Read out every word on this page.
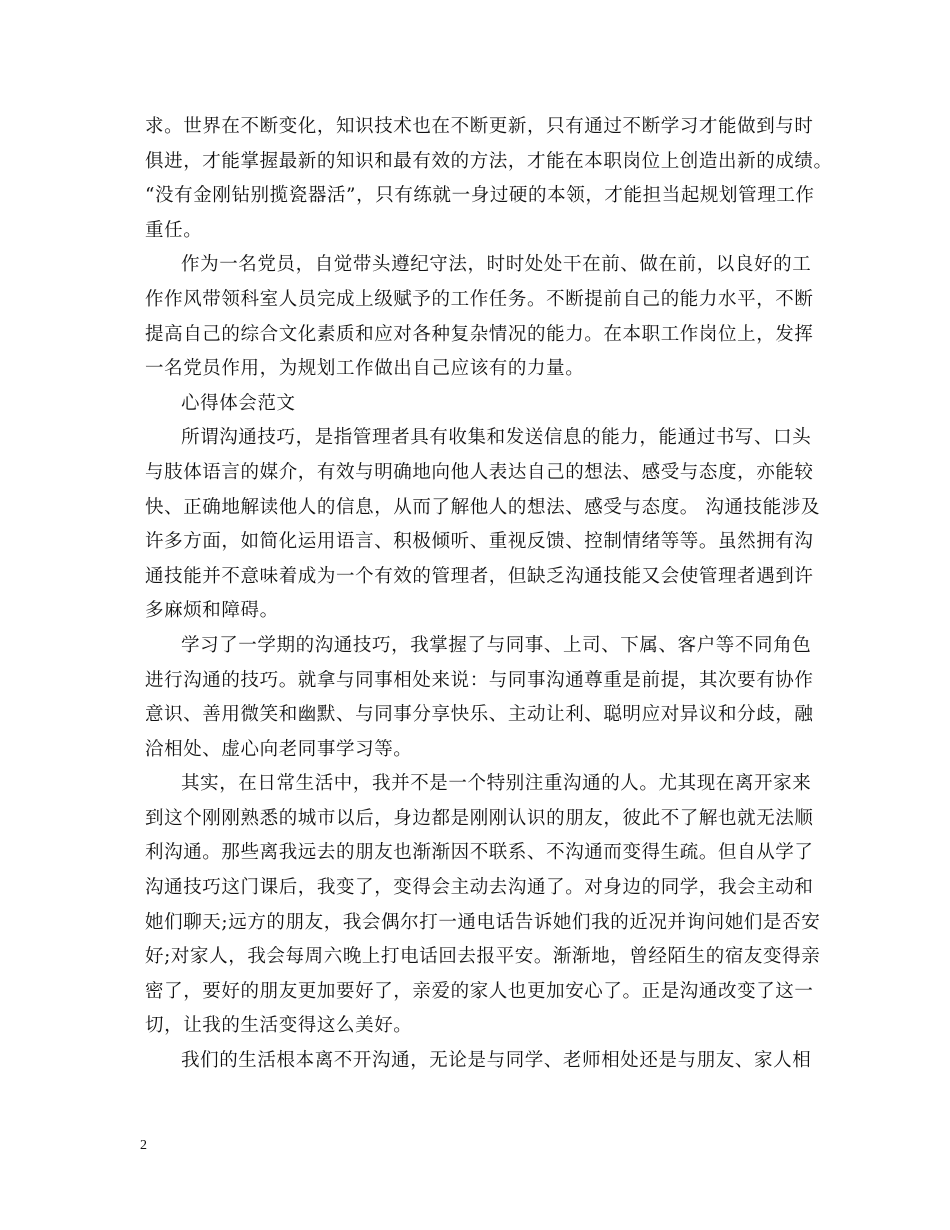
求。世界在不断变化，知识技术也在不断更新，只有通过不断学习才能做到与时
俱进，才能掌握最新的知识和最有效的方法，才能在本职岗位上创造出新的成绩。
“没有金刚钻别揽瓷器活”，只有练就一身过硬的本领，才能担当起规划管理工作
重任。
作为一名党员，自觉带头遵纪守法，时时处处干在前、做在前，以良好的工
作作风带领科室人员完成上级赋予的工作任务。不断提前自己的能力水平，不断
提高自己的综合文化素质和应对各种复杂情况的能力。在本职工作岗位上，发挥
一名党员作用，为规划工作做出自己应该有的力量。
心得体会范文
所谓沟通技巧，是指管理者具有收集和发送信息的能力，能通过书写、口头
与肢体语言的媒介，有效与明确地向他人表达自己的想法、感受与态度，亦能较
快、正确地解读他人的信息，从而了解他人的想法、感受与态度。 沟通技能涉及
许多方面，如简化运用语言、积极倾听、重视反馈、控制情绪等等。虽然拥有沟
通技能并不意味着成为一个有效的管理者，但缺乏沟通技能又会使管理者遇到许
多麻烦和障碍。
学习了一学期的沟通技巧，我掌握了与同事、上司、下属、客户等不同角色
进行沟通的技巧。就拿与同事相处来说：与同事沟通尊重是前提，其次要有协作
意识、善用微笑和幽默、与同事分享快乐、主动让利、聪明应对异议和分歧，融
洽相处、虚心向老同事学习等。
其实，在日常生活中，我并不是一个特别注重沟通的人。尤其现在离开家来
到这个刚刚熟悉的城市以后，身边都是刚刚认识的朋友，彼此不了解也就无法顺
利沟通。那些离我远去的朋友也渐渐因不联系、不沟通而变得生疏。但自从学了
沟通技巧这门课后，我变了，变得会主动去沟通了。对身边的同学，我会主动和
她们聊天;远方的朋友，我会偶尔打一通电话告诉她们我的近况并询问她们是否安
好;对家人，我会每周六晚上打电话回去报平安。渐渐地，曾经陌生的宿友变得亲
密了，要好的朋友更加要好了，亲爱的家人也更加安心了。正是沟通改变了这一
切，让我的生活变得这么美好。
我们的生活根本离不开沟通，无论是与同学、老师相处还是与朋友、家人相
2
